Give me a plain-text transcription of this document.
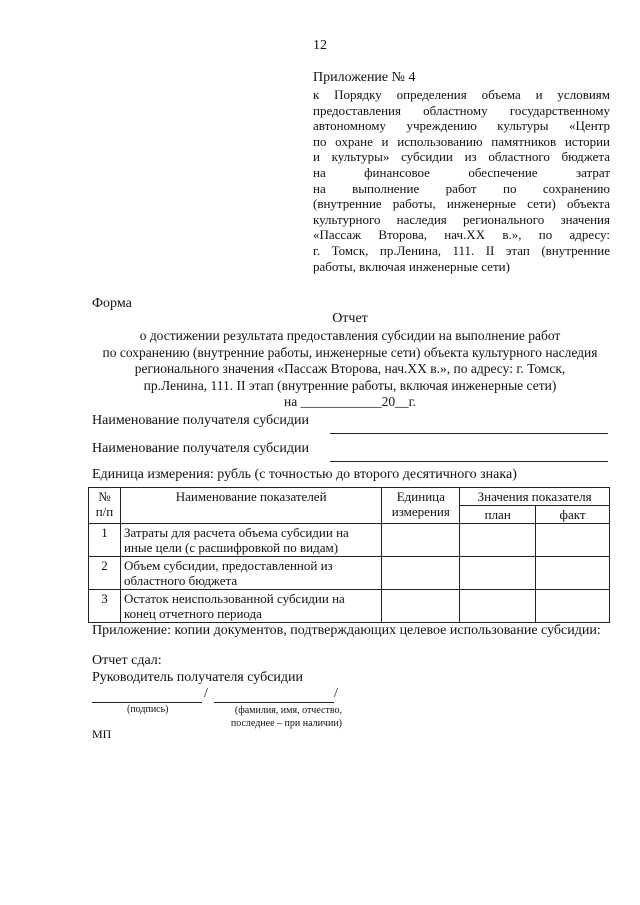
12
Приложение № 4
к Порядку определения объема и условиям
предоставления областному государственному
автономному учреждению культуры «Центр
по охране и использованию памятников истории
и культуры» субсидии из областного бюджета
на финансовое обеспечение затрат
на выполнение работ по сохранению
(внутренние работы, инженерные сети) объекта
культурного наследия регионального значения
«Пассаж Второва, нач.XX в.», по адресу:
г. Томск, пр.Ленина, 111. II этап (внутренние
работы, включая инженерные сети)
Форма
Отчет
о достижении результата предоставления субсидии на выполнение работ
по сохранению (внутренние работы, инженерные сети) объекта культурного наследия
регионального значения «Пассаж Второва, нач.XX в.», по адресу: г. Томск,
пр.Ленина, 111. II этап (внутренние работы, включая инженерные сети)
на ____________20__г.
Наименование получателя субсидии
Наименование получателя субсидии
Единица измерения: рубль (с точностью до второго десятичного знака)
№ п/п	Наименование показателей	Единица измерения	Значения показателя	
			план	факт
1	Затраты для расчета объема субсидии на иные цели (с расшифровкой по видам)			
2	Объем субсидии, предоставленной из областного бюджета			
3	Остаток неиспользованной субсидии на конец отчетного периода			
Приложение: копии документов, подтверждающих целевое использование субсидии:
Отчет сдал:
Руководитель получателя субсидии
/	/
(подпись)	(фамилия, имя, отчество, последнее – при наличии)
МП
